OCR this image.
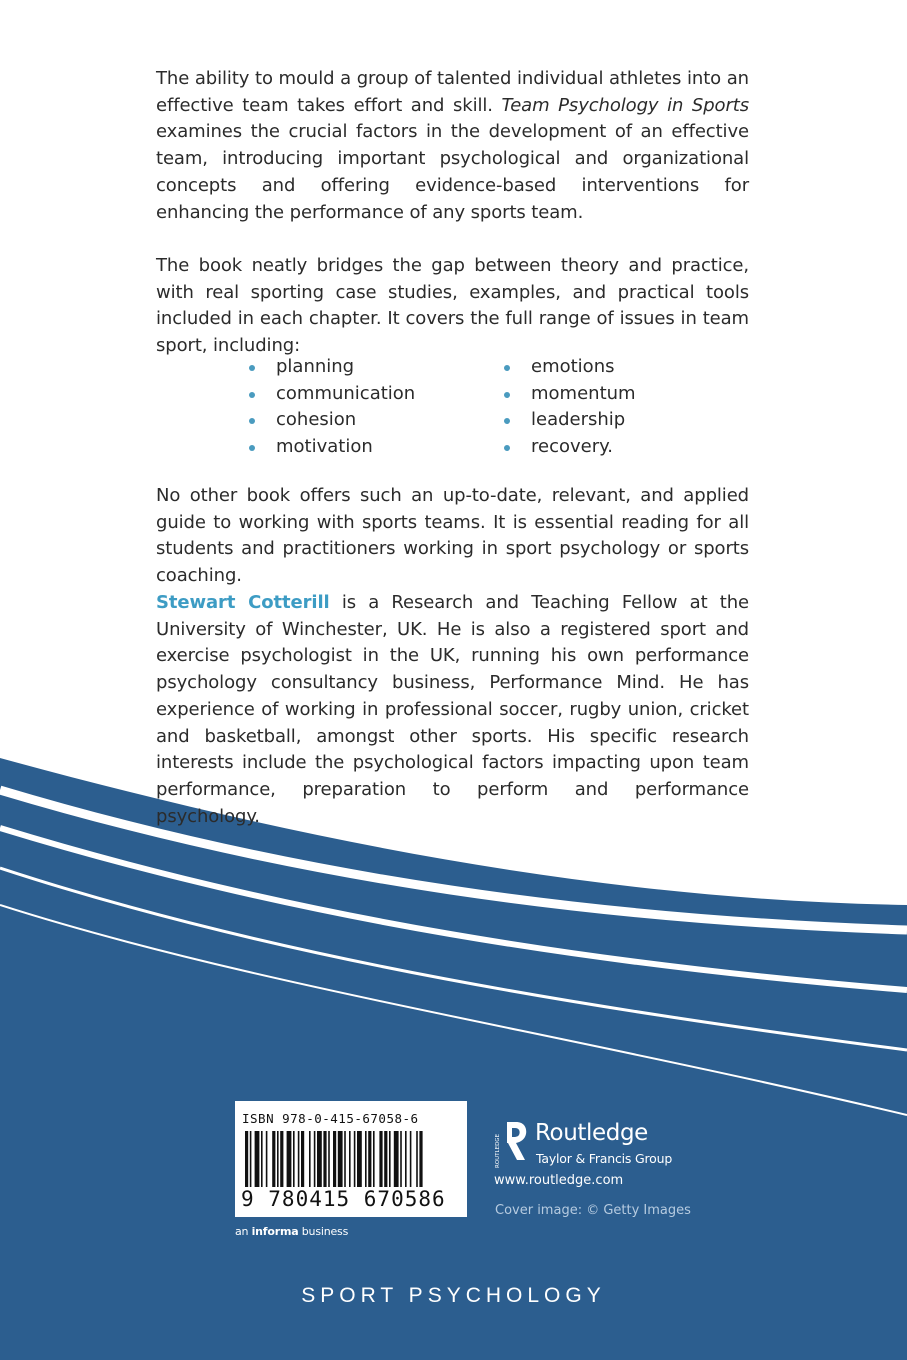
The ability to mould a group of talented individual athletes into an effective team takes effort and skill. Team Psychology in Sports examines the crucial factors in the development of an effective team, introducing important psychological and organizational concepts and offering evidence-based interventions for enhancing the performance of any sports team.

The book neatly bridges the gap between theory and practice, with real sporting case studies, examples, and practical tools included in each chapter. It covers the full range of issues in team sport, including:

planning
communication
cohesion
motivation
emotions
momentum
leadership
recovery.

No other book offers such an up-to-date, relevant, and applied guide to working with sports teams. It is essential reading for all students and practitioners working in sport psychology or sports coaching.

Stewart Cotterill is a Research and Teaching Fellow at the University of Winchester, UK. He is also a registered sport and exercise psychologist in the UK, running his own performance psychology consultancy business, Performance Mind. He has experience of working in professional soccer, rugby union, cricket and basketball, amongst other sports. His specific research interests include the psychological factors impacting upon team performance, preparation to perform and performance psychology.

ISBN 978-0-415-67058-6
9 780415 670586
an informa business
ROUTLEDGE
Routledge
Taylor & Francis Group
www.routledge.com
Cover image: © Getty Images
SPORT PSYCHOLOGY
